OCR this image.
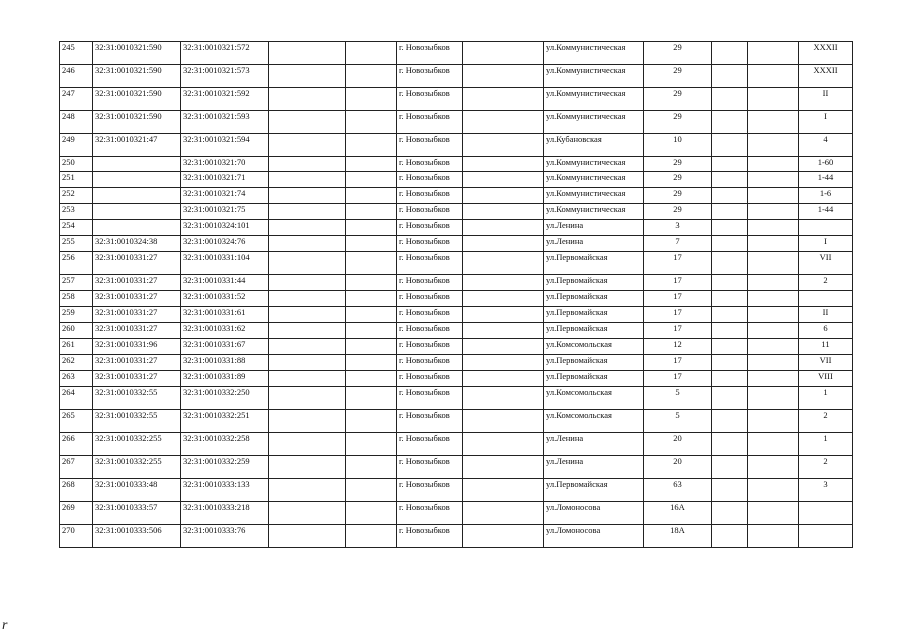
245	32:31:0010321:590	32:31:0010321:572			г. Новозыбков		ул.Коммунистическая	29			XXXII
246	32:31:0010321:590	32:31:0010321:573			г. Новозыбков		ул.Коммунистическая	29			XXXII
247	32:31:0010321:590	32:31:0010321:592			г. Новозыбков		ул.Коммунистическая	29			II
248	32:31:0010321:590	32:31:0010321:593			г. Новозыбков		ул.Коммунистическая	29			I
249	32:31:0010321:47	32:31:0010321:594			г. Новозыбков		ул.Кубановская	10			4
250		32:31:0010321:70			г. Новозыбков		ул.Коммунистическая	29			1-60
251		32:31:0010321:71			г. Новозыбков		ул.Коммунистическая	29			1-44
252		32:31:0010321:74			г. Новозыбков		ул.Коммунистическая	29			1-6
253		32:31:0010321:75			г. Новозыбков		ул.Коммунистическая	29			1-44
254		32:31:0010324:101			г. Новозыбков		ул.Ленина	3			
255	32:31:0010324:38	32:31:0010324:76			г. Новозыбков		ул.Ленина	7			I
256	32:31:0010331:27	32:31:0010331:104			г. Новозыбков		ул.Первомайская	17			VII
257	32:31:0010331:27	32:31:0010331:44			г. Новозыбков		ул.Первомайская	17			2
258	32:31:0010331:27	32:31:0010331:52			г. Новозыбков		ул.Первомайская	17			
259	32:31:0010331:27	32:31:0010331:61			г. Новозыбков		ул.Первомайская	17			II
260	32:31:0010331:27	32:31:0010331:62			г. Новозыбков		ул.Первомайская	17			6
261	32:31:0010331:96	32:31:0010331:67			г. Новозыбков		ул.Комсомольская	12			11
262	32:31:0010331:27	32:31:0010331:88			г. Новозыбков		ул.Первомайская	17			VII
263	32:31:0010331:27	32:31:0010331:89			г. Новозыбков		ул.Первомайская	17			VIII
264	32:31:0010332:55	32:31:0010332:250			г. Новозыбков		ул.Комсомольская	5			1
265	32:31:0010332:55	32:31:0010332:251			г. Новозыбков		ул.Комсомольская	5			2
266	32:31:0010332:255	32:31:0010332:258			г. Новозыбков		ул.Ленина	20			1
267	32:31:0010332:255	32:31:0010332:259			г. Новозыбков		ул.Ленина	20			2
268	32:31:0010333:48	32:31:0010333:133			г. Новозыбков		ул.Первомайская	63			3
269	32:31:0010333:57	32:31:0010333:218			г. Новозыбков		ул.Ломоносова	16А			
270	32:31:0010333:506	32:31:0010333:76			г. Новозыбков		ул.Ломоносова	18А			
r
